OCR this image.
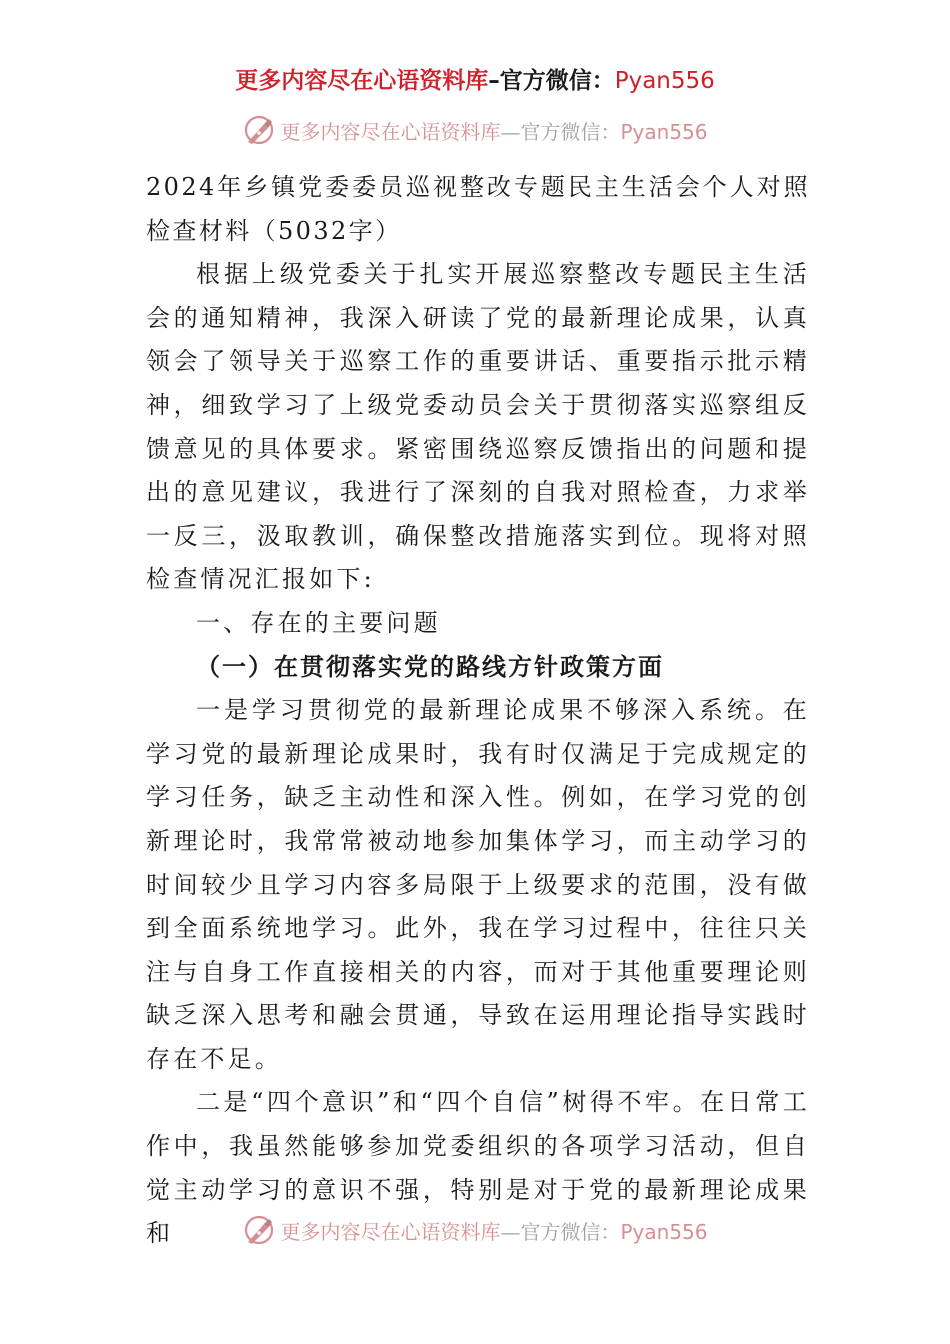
更多内容尽在心语资料库–官方微信：Pyan556
更多内容尽在心语资料库—官方微信：Pyan556

2024年乡镇党委委员巡视整改专题民主生活会个人对照检查材料（5032字）

根据上级党委关于扎实开展巡察整改专题民主生活会的通知精神，我深入研读了党的最新理论成果，认真领会了领导关于巡察工作的重要讲话、重要指示批示精神，细致学习了上级党委动员会关于贯彻落实巡察组反馈意见的具体要求。紧密围绕巡察反馈指出的问题和提出的意见建议，我进行了深刻的自我对照检查，力求举一反三，汲取教训，确保整改措施落实到位。现将对照检查情况汇报如下:

一、存在的主要问题

（一）在贯彻落实党的路线方针政策方面

一是学习贯彻党的最新理论成果不够深入系统。在学习党的最新理论成果时，我有时仅满足于完成规定的学习任务，缺乏主动性和深入性。例如，在学习党的创新理论时，我常常被动地参加集体学习，而主动学习的时间较少且学习内容多局限于上级要求的范围，没有做到全面系统地学习。此外，我在学习过程中，往往只关注与自身工作直接相关的内容，而对于其他重要理论则缺乏深入思考和融会贯通，导致在运用理论指导实践时存在不足。

二是“四个意识”和“四个自信”树得不牢。在日常工作中，我虽然能够参加党委组织的各项学习活动，但自觉主动学习的意识不强，特别是对于党的最新理论成果和	更多内容尽在心语资料库—官方微信：Pyan556
